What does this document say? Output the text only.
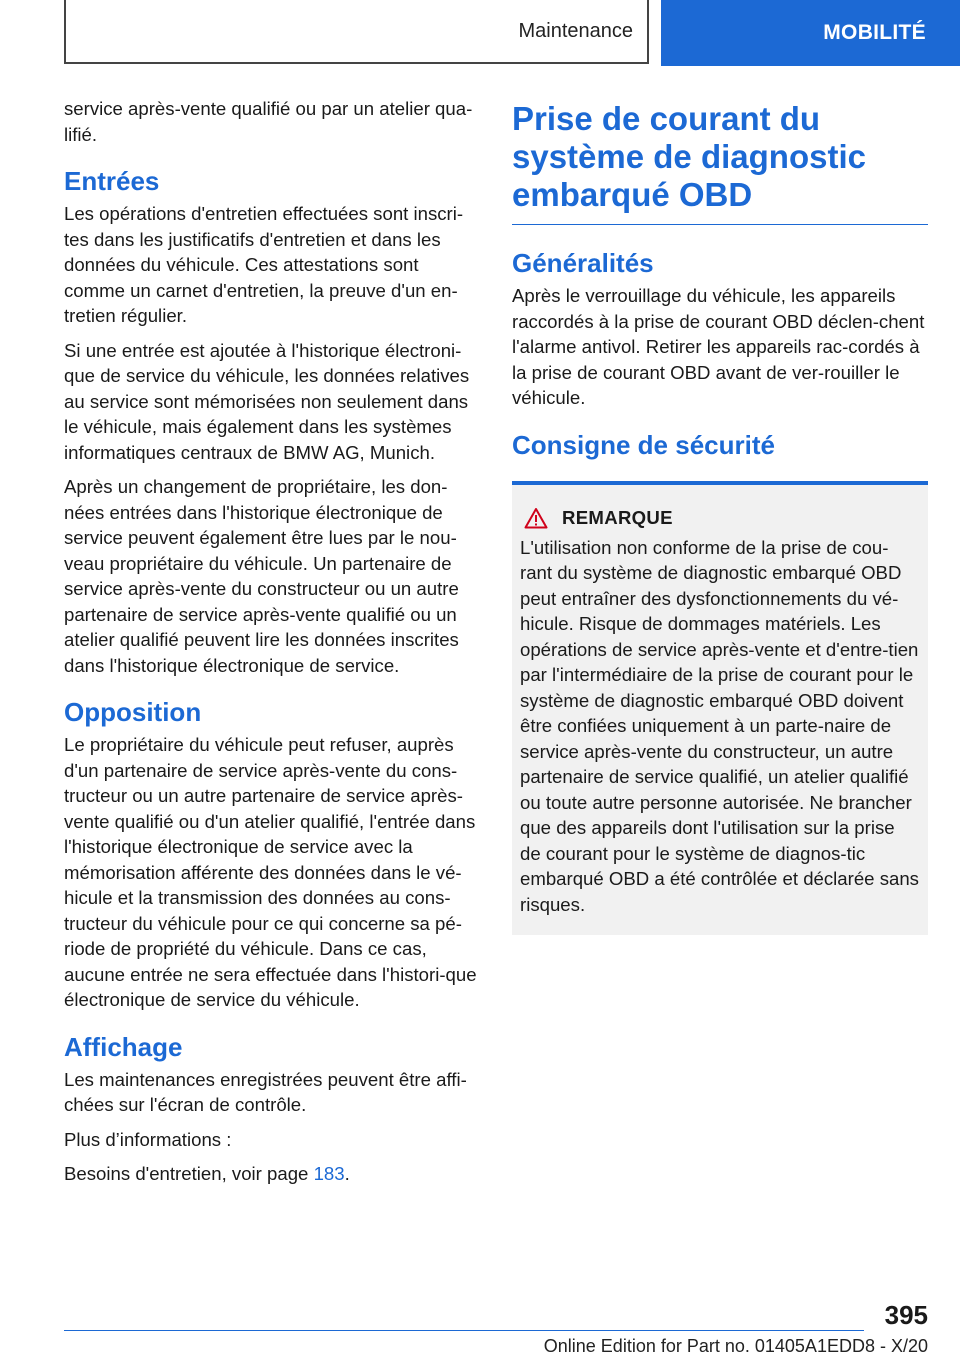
Maintenance	MOBILITÉ

service après-vente qualifié ou par un atelier qua-lifié.

Entrées

Les opérations d'entretien effectuées sont inscri-tes dans les justificatifs d'entretien et dans les données du véhicule. Ces attestations sont comme un carnet d'entretien, la preuve d'un en-tretien régulier.

Si une entrée est ajoutée à l'historique électroni-que de service du véhicule, les données relatives au service sont mémorisées non seulement dans le véhicule, mais également dans les systèmes informatiques centraux de BMW AG, Munich.

Après un changement de propriétaire, les don-nées entrées dans l'historique électronique de service peuvent également être lues par le nou-veau propriétaire du véhicule. Un partenaire de service après-vente du constructeur ou un autre partenaire de service après-vente qualifié ou un atelier qualifié peuvent lire les données inscrites dans l'historique électronique de service.

Opposition

Le propriétaire du véhicule peut refuser, auprès d'un partenaire de service après-vente du cons-tructeur ou un autre partenaire de service après-vente qualifié ou d'un atelier qualifié, l'entrée dans l'historique électronique de service avec la mémorisation afférente des données dans le vé-hicule et la transmission des données au cons-tructeur du véhicule pour ce qui concerne sa pé-riode de propriété du véhicule. Dans ce cas, aucune entrée ne sera effectuée dans l'histori-que électronique de service du véhicule.

Affichage

Les maintenances enregistrées peuvent être affi-chées sur l'écran de contrôle.

Plus d’informations :

Besoins d'entretien, voir page 183.

Prise de courant du système de diagnostic embarqué OBD
Généralités

Après le verrouillage du véhicule, les appareils raccordés à la prise de courant OBD déclen-chent l'alarme antivol. Retirer les appareils rac-cordés à la prise de courant OBD avant de ver-rouiller le véhicule.

Consigne de sécurité
REMARQUE

L'utilisation non conforme de la prise de cou-rant du système de diagnostic embarqué OBD peut entraîner des dysfonctionnements du vé-hicule. Risque de dommages matériels. Les opérations de service après-vente et d'entre-tien par l'intermédiaire de la prise de courant pour le système de diagnostic embarqué OBD doivent être confiées uniquement à un parte-naire de service après-vente du constructeur, un autre partenaire de service qualifié, un atelier qualifié ou toute autre personne autorisée. Ne brancher que des appareils dont l'utilisation sur la prise de courant pour le système de diagnos-tic embarqué OBD a été contrôlée et déclarée sans risques.

395
Online Edition for Part no. 01405A1EDD8 - X/20
